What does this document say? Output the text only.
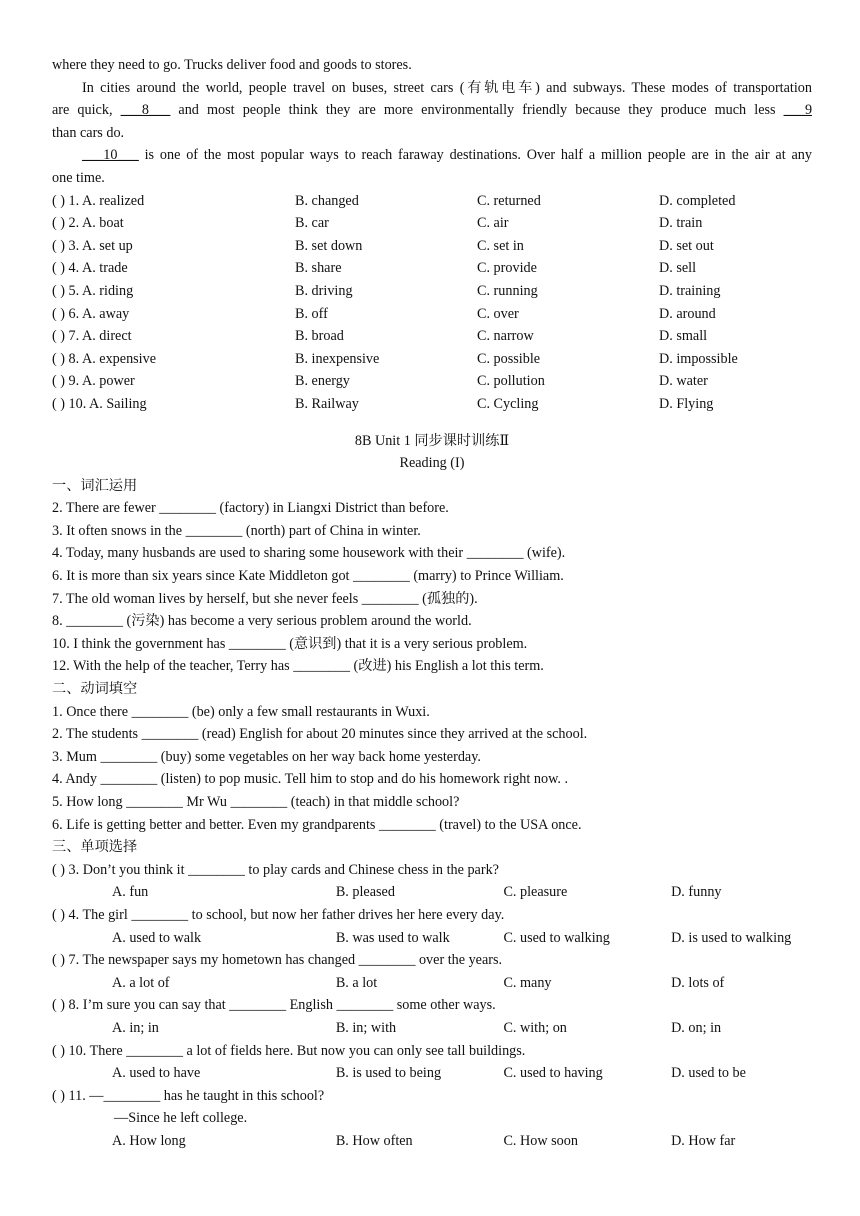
where they need to go. Trucks deliver food and goods to stores.
In cities around the world, people travel on buses, street cars (有轨电车) and subways. These modes of transportation
are quick, ___8___ and most people think they are more environmentally friendly because they produce much less ___9
than cars do.
___10___ is one of the most popular ways to reach faraway destinations. Over half a million people are in the air at any
one time.
( ) 1. A. realized	B. changed	C. returned	D. completed
( ) 2. A. boat	B. car	C. air	D. train
( ) 3. A. set up	B. set down	C. set in	D. set out
( ) 4. A. trade	B. share	C. provide	D. sell
( ) 5. A. riding	B. driving	C. running	D. training
( ) 6. A. away	B. off	C. over	D. around
( ) 7. A. direct	B. broad	C. narrow	D. small
( ) 8. A. expensive	B. inexpensive	C. possible	D. impossible
( ) 9. A. power	B. energy	C. pollution	D. water
( ) 10. A. Sailing	B. Railway	C. Cycling	D. Flying
8B Unit 1 同步课时训练Ⅱ
Reading (I)
一、词汇运用
2. There are fewer ________ (factory) in Liangxi District than before.
3. It often snows in the ________ (north) part of China in winter.
4. Today, many husbands are used to sharing some housework with their ________ (wife).
6. It is more than six years since Kate Middleton got ________ (marry) to Prince William.
7. The old woman lives by herself, but she never feels ________ (孤独的).
8. ________ (污染) has become a very serious problem around the world.
10. I think the government has ________ (意识到) that it is a very serious problem.
12. With the help of the teacher, Terry has ________ (改进) his English a lot this term.
二、动词填空
1. Once there ________ (be) only a few small restaurants in Wuxi.
2. The students ________ (read) English for about 20 minutes since they arrived at the school.
3. Mum ________ (buy) some vegetables on her way back home yesterday.
4. Andy ________ (listen) to pop music. Tell him to stop and do his homework right now. .
5. How long ________ Mr Wu ________ (teach) in that middle school?
6. Life is getting better and better. Even my grandparents ________ (travel) to the USA once.
三、单项选择
( ) 3. Don’t you think it ________ to play cards and Chinese chess in the park?
A. fun	B. pleased	C. pleasure	D. funny
( ) 4. The girl ________ to school, but now her father drives her here every day.
A. used to walk	B. was used to walk	C. used to walking	D. is used to walking
( ) 7. The newspaper says my hometown has changed ________ over the years.
A. a lot of	B. a lot	C. many	D. lots of
( ) 8. I’m sure you can say that ________ English ________ some other ways.
A. in; in	B. in; with	C. with; on	D. on; in
( ) 10. There ________ a lot of fields here. But now you can only see tall buildings.
A. used to have	B. is used to being	C. used to having	D. used to be
( ) 11. —________ has he taught in this school?
—Since he left college.
A. How long	B. How often	C. How soon	D. How far
